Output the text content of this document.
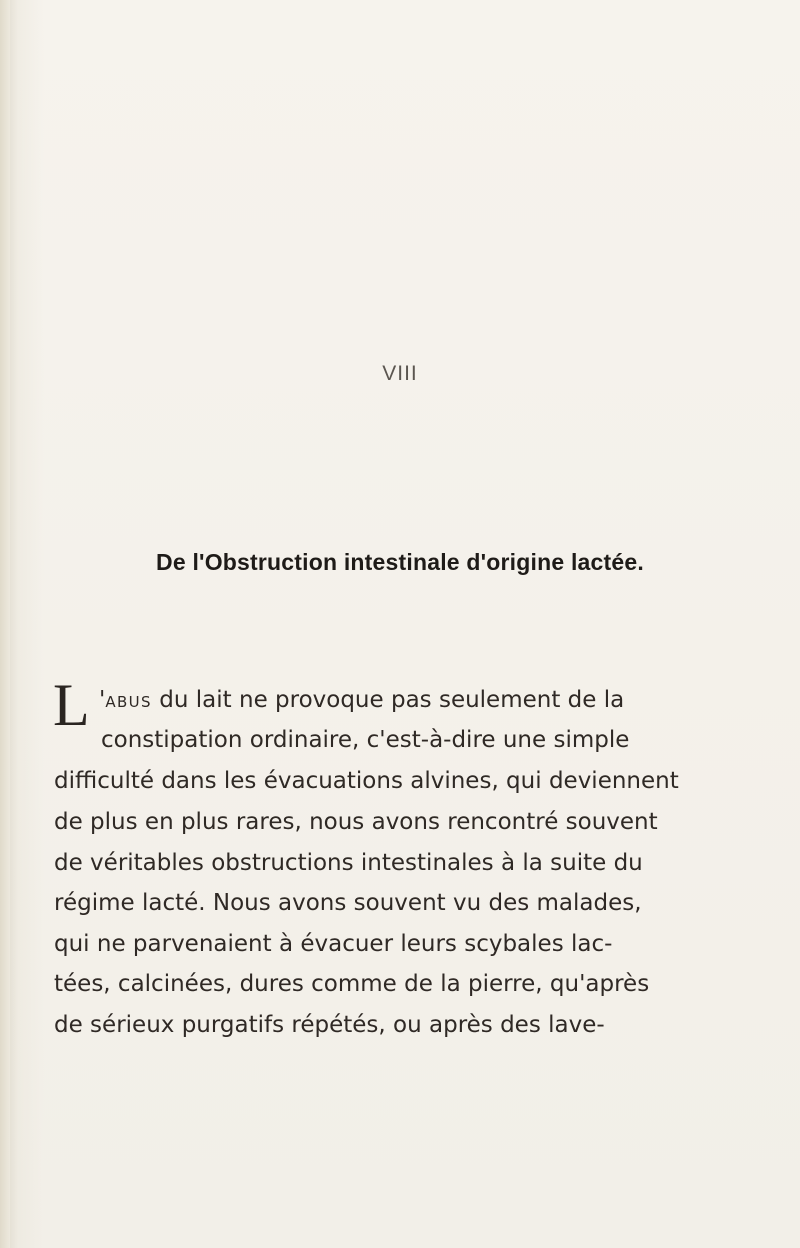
VIII
De l'Obstruction intestinale d'origine lactée.
L 'ABUS du lait ne provoque pas seulement de la
constipation ordinaire, c'est-à-dire une simple
difficulté dans les évacuations alvines, qui deviennent
de plus en plus rares, nous avons rencontré souvent
de véritables obstructions intestinales à la suite du
régime lacté. Nous avons souvent vu des malades,
qui ne parvenaient à évacuer leurs scybales lac-
tées, calcinées, dures comme de la pierre, qu'après
de sérieux purgatifs répétés, ou après des lave-
